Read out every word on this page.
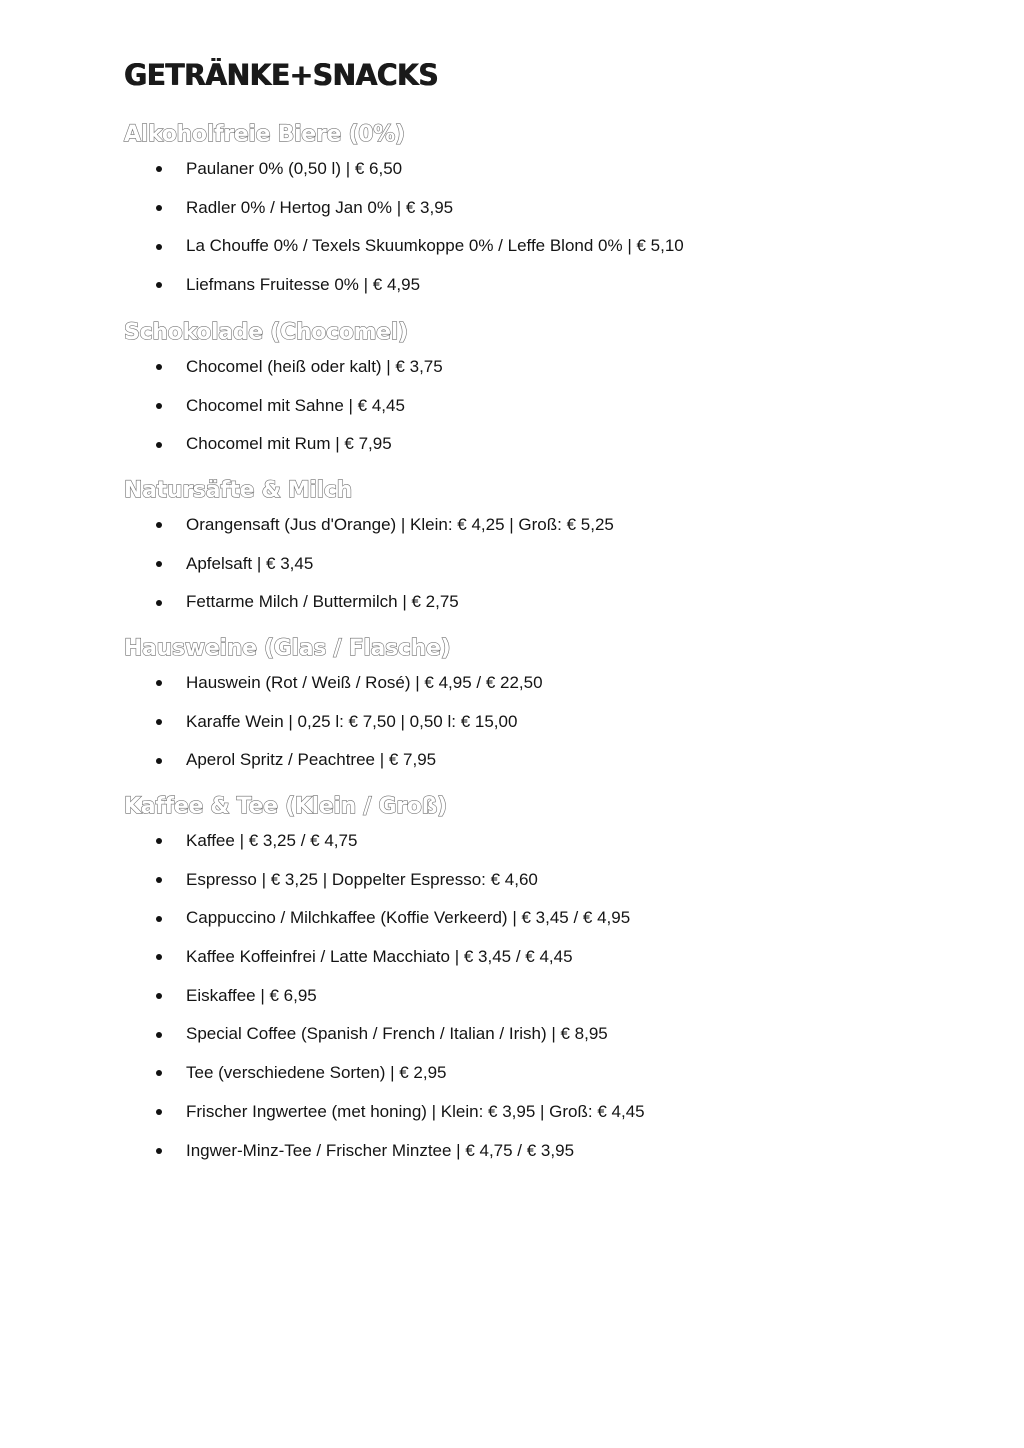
GETRÄNKE+SNACKS
Alkoholfreie Biere (0%)
Paulaner 0% (0,50 l) | € 6,50
Radler 0% / Hertog Jan 0% | € 3,95
La Chouffe 0% / Texels Skuumkoppe 0% / Leffe Blond 0% | € 5,10
Liefmans Fruitesse 0% | € 4,95
Schokolade (Chocomel)
Chocomel (heiß oder kalt) | € 3,75
Chocomel mit Sahne | € 4,45
Chocomel mit Rum | € 7,95
Natursäfte & Milch
Orangensaft (Jus d'Orange) | Klein: € 4,25 | Groß: € 5,25
Apfelsaft | € 3,45
Fettarme Milch / Buttermilch | € 2,75
Hausweine (Glas / Flasche)
Hauswein (Rot / Weiß / Rosé) | € 4,95 / € 22,50
Karaffe Wein | 0,25 l: € 7,50 | 0,50 l: € 15,00
Aperol Spritz / Peachtree | € 7,95
Kaffee & Tee (Klein / Groß)
Kaffee | € 3,25 / € 4,75
Espresso | € 3,25 | Doppelter Espresso: € 4,60
Cappuccino / Milchkaffee (Koffie Verkeerd) | € 3,45 / € 4,95
Kaffee Koffeinfrei / Latte Macchiato | € 3,45 / € 4,45
Eiskaffee | € 6,95
Special Coffee (Spanish / French / Italian / Irish) | € 8,95
Tee (verschiedene Sorten) | € 2,95
Frischer Ingwertee (met honing) | Klein: € 3,95 | Groß: € 4,45
Ingwer-Minz-Tee / Frischer Minztee | € 4,75 / € 3,95
